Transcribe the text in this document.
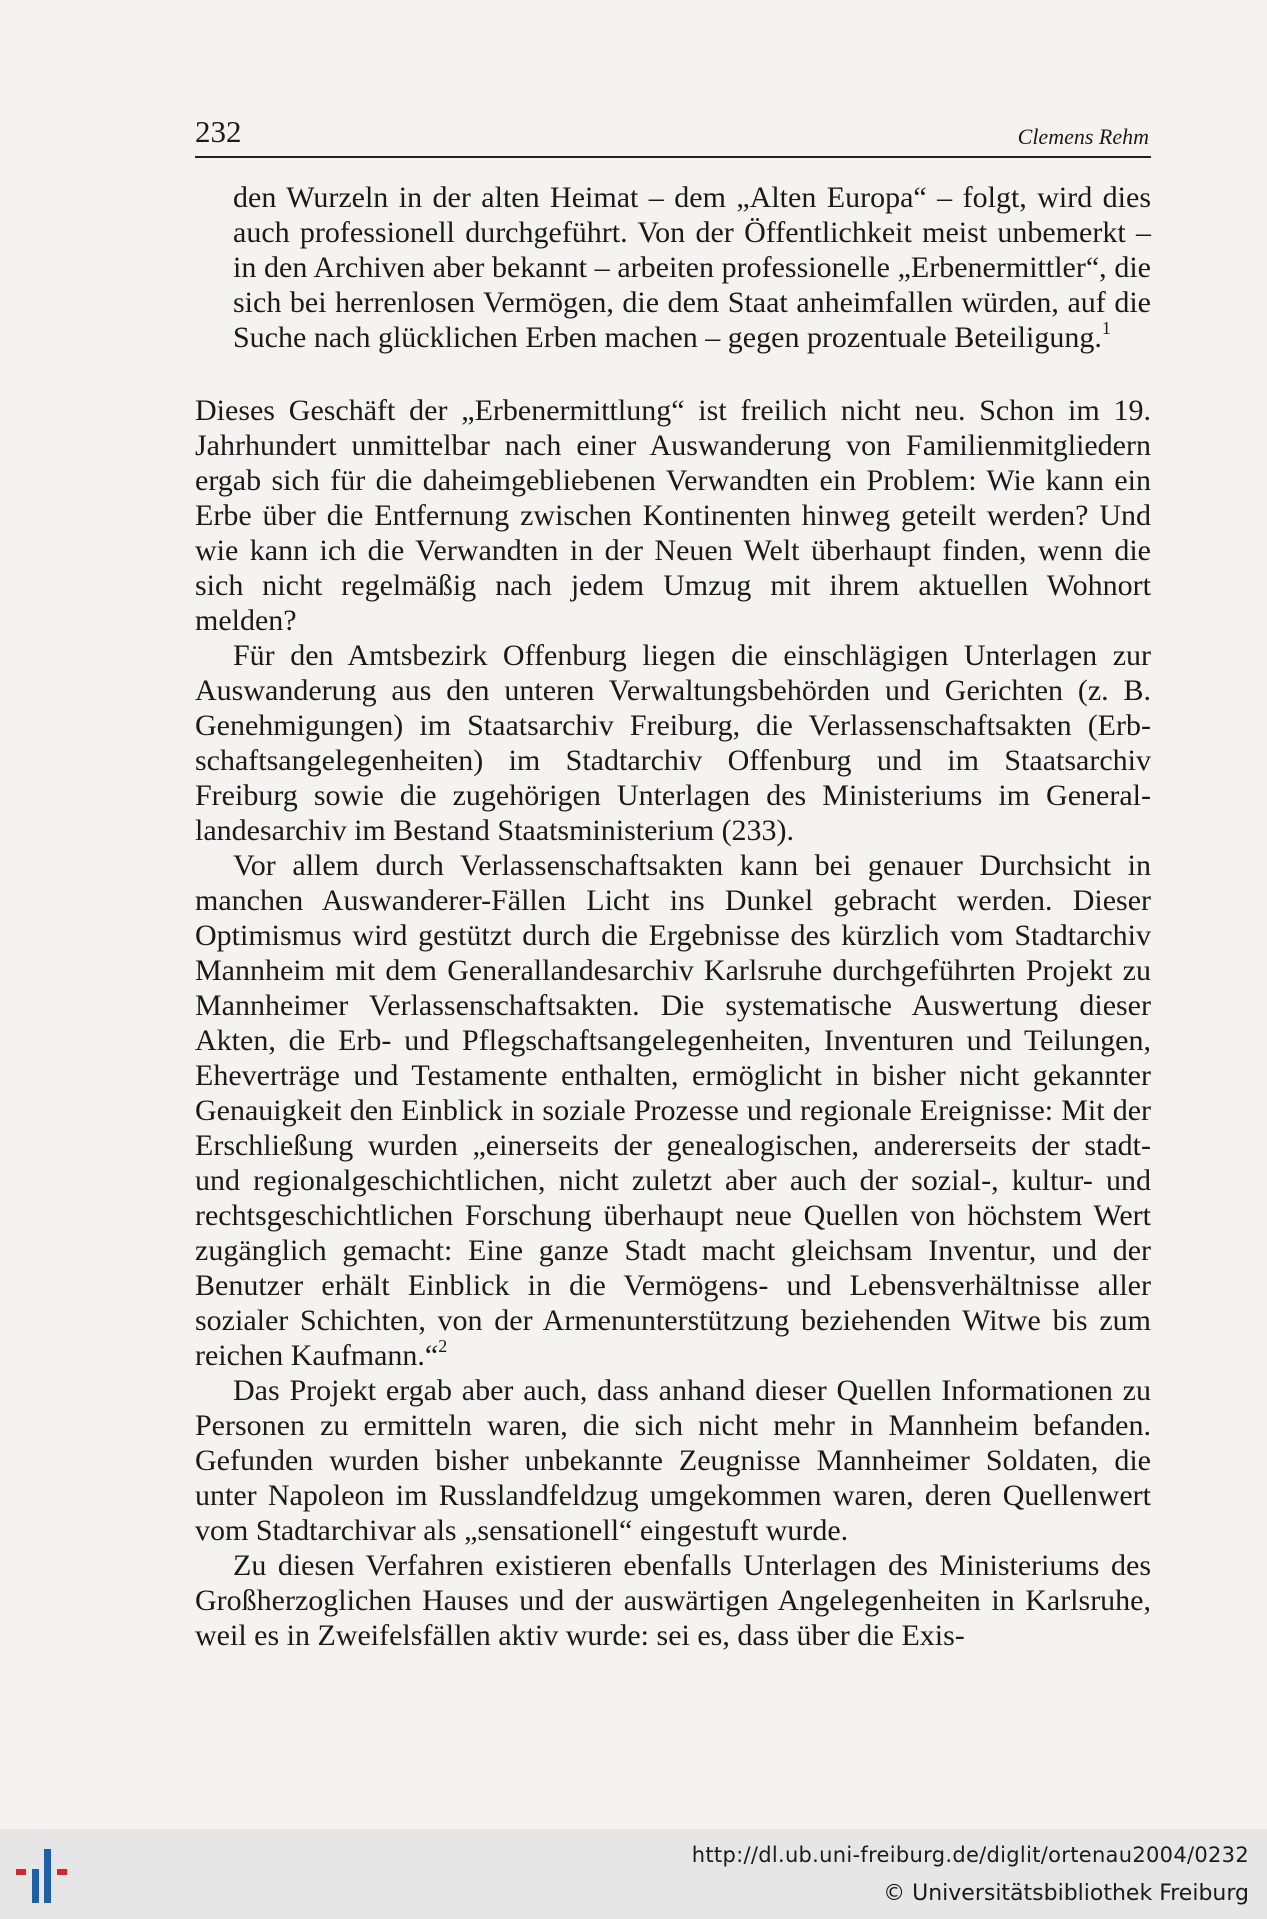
232	Clemens Rehm

den Wurzeln in der alten Heimat – dem „Alten Europa“ – folgt, wird dies auch professionell durchgeführt. Von der Öffentlichkeit meist unbemerkt – in den Archiven aber bekannt – arbeiten professionelle „Erbenermittler“, die sich bei herrenlosen Vermögen, die dem Staat anheimfallen würden, auf die Suche nach glücklichen Erben machen – gegen prozentuale Beteiligung.$^1$

Dieses Geschäft der „Erbenermittlung“ ist freilich nicht neu. Schon im 19. Jahrhundert unmittelbar nach einer Auswanderung von Familienmitgliedern ergab sich für die daheimgebliebenen Verwandten ein Problem: Wie kann ein Erbe über die Entfernung zwischen Kontinenten hinweg geteilt werden? Und wie kann ich die Verwandten in der Neuen Welt überhaupt finden, wenn die sich nicht regelmäßig nach jedem Umzug mit ihrem aktuellen Wohnort melden?

Für den Amtsbezirk Offenburg liegen die einschlägigen Unterlagen zur Auswanderung aus den unteren Verwaltungsbehörden und Gerichten (z. B. Genehmigungen) im Staatsarchiv Freiburg, die Verlassenschaftsakten (Erbschaftsangelegenheiten) im Stadtarchiv Offenburg und im Staatsarchiv Freiburg sowie die zugehörigen Unterlagen des Ministeriums im Generallandesarchiv im Bestand Staatsministerium (233).

Vor allem durch Verlassenschaftsakten kann bei genauer Durchsicht in manchen Auswanderer-Fällen Licht ins Dunkel gebracht werden. Dieser Optimismus wird gestützt durch die Ergebnisse des kürzlich vom Stadtarchiv Mannheim mit dem Generallandesarchiv Karlsruhe durchgeführten Projekt zu Mannheimer Verlassenschaftsakten. Die systematische Auswertung dieser Akten, die Erb- und Pflegschaftsangelegenheiten, Inventuren und Teilungen, Eheverträge und Testamente enthalten, ermöglicht in bisher nicht gekannter Genauigkeit den Einblick in soziale Prozesse und regionale Ereignisse: Mit der Erschließung wurden „einerseits der genealogischen, andererseits der stadt- und regionalgeschichtlichen, nicht zuletzt aber auch der sozial-, kultur- und rechtsgeschichtlichen Forschung überhaupt neue Quellen von höchstem Wert zugänglich gemacht: Eine ganze Stadt macht gleichsam Inventur, und der Benutzer erhält Einblick in die Vermögens- und Lebensverhältnisse aller sozialer Schichten, von der Armenunterstützung beziehenden Witwe bis zum reichen Kaufmann.“$^2$

Das Projekt ergab aber auch, dass anhand dieser Quellen Informationen zu Personen zu ermitteln waren, die sich nicht mehr in Mannheim befanden. Gefunden wurden bisher unbekannte Zeugnisse Mannheimer Soldaten, die unter Napoleon im Russlandfeldzug umgekommen waren, deren Quellenwert vom Stadtarchivar als „sensationell“ eingestuft wurde.

Zu diesen Verfahren existieren ebenfalls Unterlagen des Ministeriums des Großherzoglichen Hauses und der auswärtigen Angelegenheiten in Karlsruhe, weil es in Zweifelsfällen aktiv wurde: sei es, dass über die Exis-

http://dl.ub.uni-freiburg.de/diglit/ortenau2004/0232
© Universitätsbibliothek Freiburg
